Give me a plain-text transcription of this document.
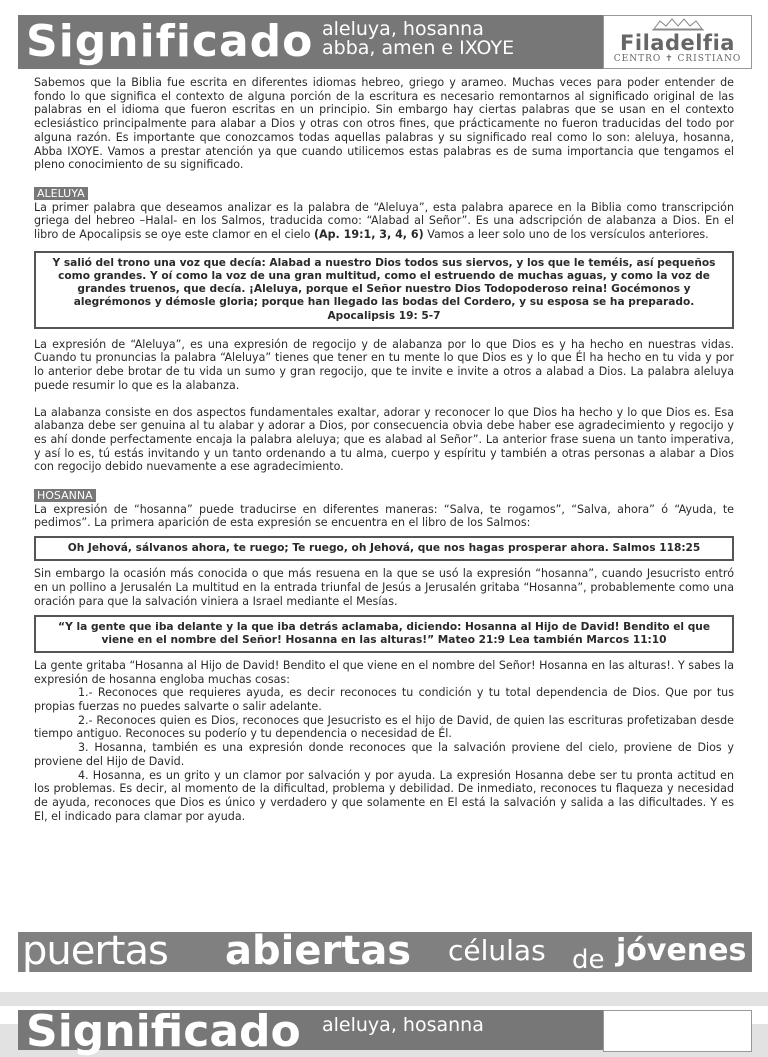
Significado aleluya, hosanna
abba, amen e IXOYE	Filadelfia
CENTRO ✝ CRISTIANO

Sabemos que la Biblia fue escrita en diferentes idiomas hebreo, griego y arameo. Muchas veces para poder entender de fondo lo que significa el contexto de alguna porción de la escritura es necesario remontarnos al significado original de las palabras en el idioma que fueron escritas en un principio. Sin embargo hay ciertas palabras que se usan en el contexto eclesiástico principalmente para alabar a Dios y otras con otros fines, que prácticamente no fueron traducidas del todo por alguna razón. Es importante que conozcamos todas aquellas palabras y su significado real como lo son: aleluya, hosanna, Abba IXOYE. Vamos a prestar atención ya que cuando utilicemos estas palabras es de suma importancia que tengamos el pleno conocimiento de su significado.

ALELUYA

La primer palabra que deseamos analizar es la palabra de “Aleluya”, esta palabra aparece en la Biblia como transcripción griega del hebreo –Halal- en los Salmos, traducida como: “Alabad al Señor”. Es una adscripción de alabanza a Dios. En el libro de Apocalipsis se oye este clamor en el cielo (Ap. 19:1, 3, 4, 6) Vamos a leer solo uno de los versículos anteriores.

Y salió del trono una voz que decía: Alabad a nuestro Dios todos sus siervos, y los que le teméis, así pequeños como grandes. Y oí como la voz de una gran multitud, como el estruendo de muchas aguas, y como la voz de grandes truenos, que decía. ¡Aleluya, porque el Señor nuestro Dios Todopoderoso reina! Gocémonos y alegrémonos y démosle gloria; porque han llegado las bodas del Cordero, y su esposa se ha preparado.
Apocalipsis 19: 5-7

La expresión de “Aleluya”, es una expresión de regocijo y de alabanza por lo que Dios es y ha hecho en nuestras vidas. Cuando tu pronuncias la palabra “Aleluya” tienes que tener en tu mente lo que Dios es y lo que Él ha hecho en tu vida y por lo anterior debe brotar de tu vida un sumo y gran regocijo, que te invite e invite a otros a alabad a Dios. La palabra aleluya puede resumir lo que es la alabanza.

La alabanza consiste en dos aspectos fundamentales exaltar, adorar y reconocer lo que Dios ha hecho y lo que Dios es. Esa alabanza debe ser genuina al tu alabar y adorar a Dios, por consecuencia obvia debe haber ese agradecimiento y regocijo y es ahí donde perfectamente encaja la palabra aleluya; que es alabad al Señor”. La anterior frase suena un tanto imperativa, y así lo es, tú estás invitando y un tanto ordenando a tu alma, cuerpo y espíritu y también a otras personas a alabar a Dios con regocijo debido nuevamente a ese agradecimiento.

HOSANNA

La expresión de “hosanna” puede traducirse en diferentes maneras: “Salva, te rogamos”, “Salva, ahora” ó “Ayuda, te pedimos”. La primera aparición de esta expresión se encuentra en el libro de los Salmos:

Oh Jehová, sálvanos ahora, te ruego; Te ruego, oh Jehová, que nos hagas prosperar ahora. Salmos 118:25

Sin embargo la ocasión más conocida o que más resuena en la que se usó la expresión “hosanna”, cuando Jesucristo entró en un pollino a Jerusalén La multitud en la entrada triunfal de Jesús a Jerusalén gritaba “Hosanna”, probablemente como una oración para que la salvación viniera a Israel mediante el Mesías.

“Y la gente que iba delante y la que iba detrás aclamaba, diciendo: Hosanna al Hijo de David! Bendito el que viene en el nombre del Señor! Hosanna en las alturas!” Mateo 21:9 Lea también Marcos 11:10

La gente gritaba “Hosanna al Hijo de David! Bendito el que viene en el nombre del Señor! Hosanna en las alturas!. Y sabes la expresión de hosanna engloba muchas cosas:

1.- Reconoces que requieres ayuda, es decir reconoces tu condición y tu total dependencia de Dios. Que por tus propias fuerzas no puedes salvarte o salir adelante.

2.- Reconoces quien es Dios, reconoces que Jesucristo es el hijo de David, de quien las escrituras profetizaban desde tiempo antiguo. Reconoces su poderío y tu dependencia o necesidad de Él.

3. Hosanna, también es una expresión donde reconoces que la salvación proviene del cielo, proviene de Dios y proviene del Hijo de David.

4. Hosanna, es un grito y un clamor por salvación y por ayuda. La expresión Hosanna debe ser tu pronta actitud en los problemas. Es decir, al momento de la dificultad, problema y debilidad. De inmediato, reconoces tu flaqueza y necesidad de ayuda, reconoces que Dios es único y verdadero y que solamente en El está la salvación y salida a las dificultades. Y es El, el indicado para clamar por ayuda.

puertas abiertas células de jóvenes
Significado aleluya, hosanna
